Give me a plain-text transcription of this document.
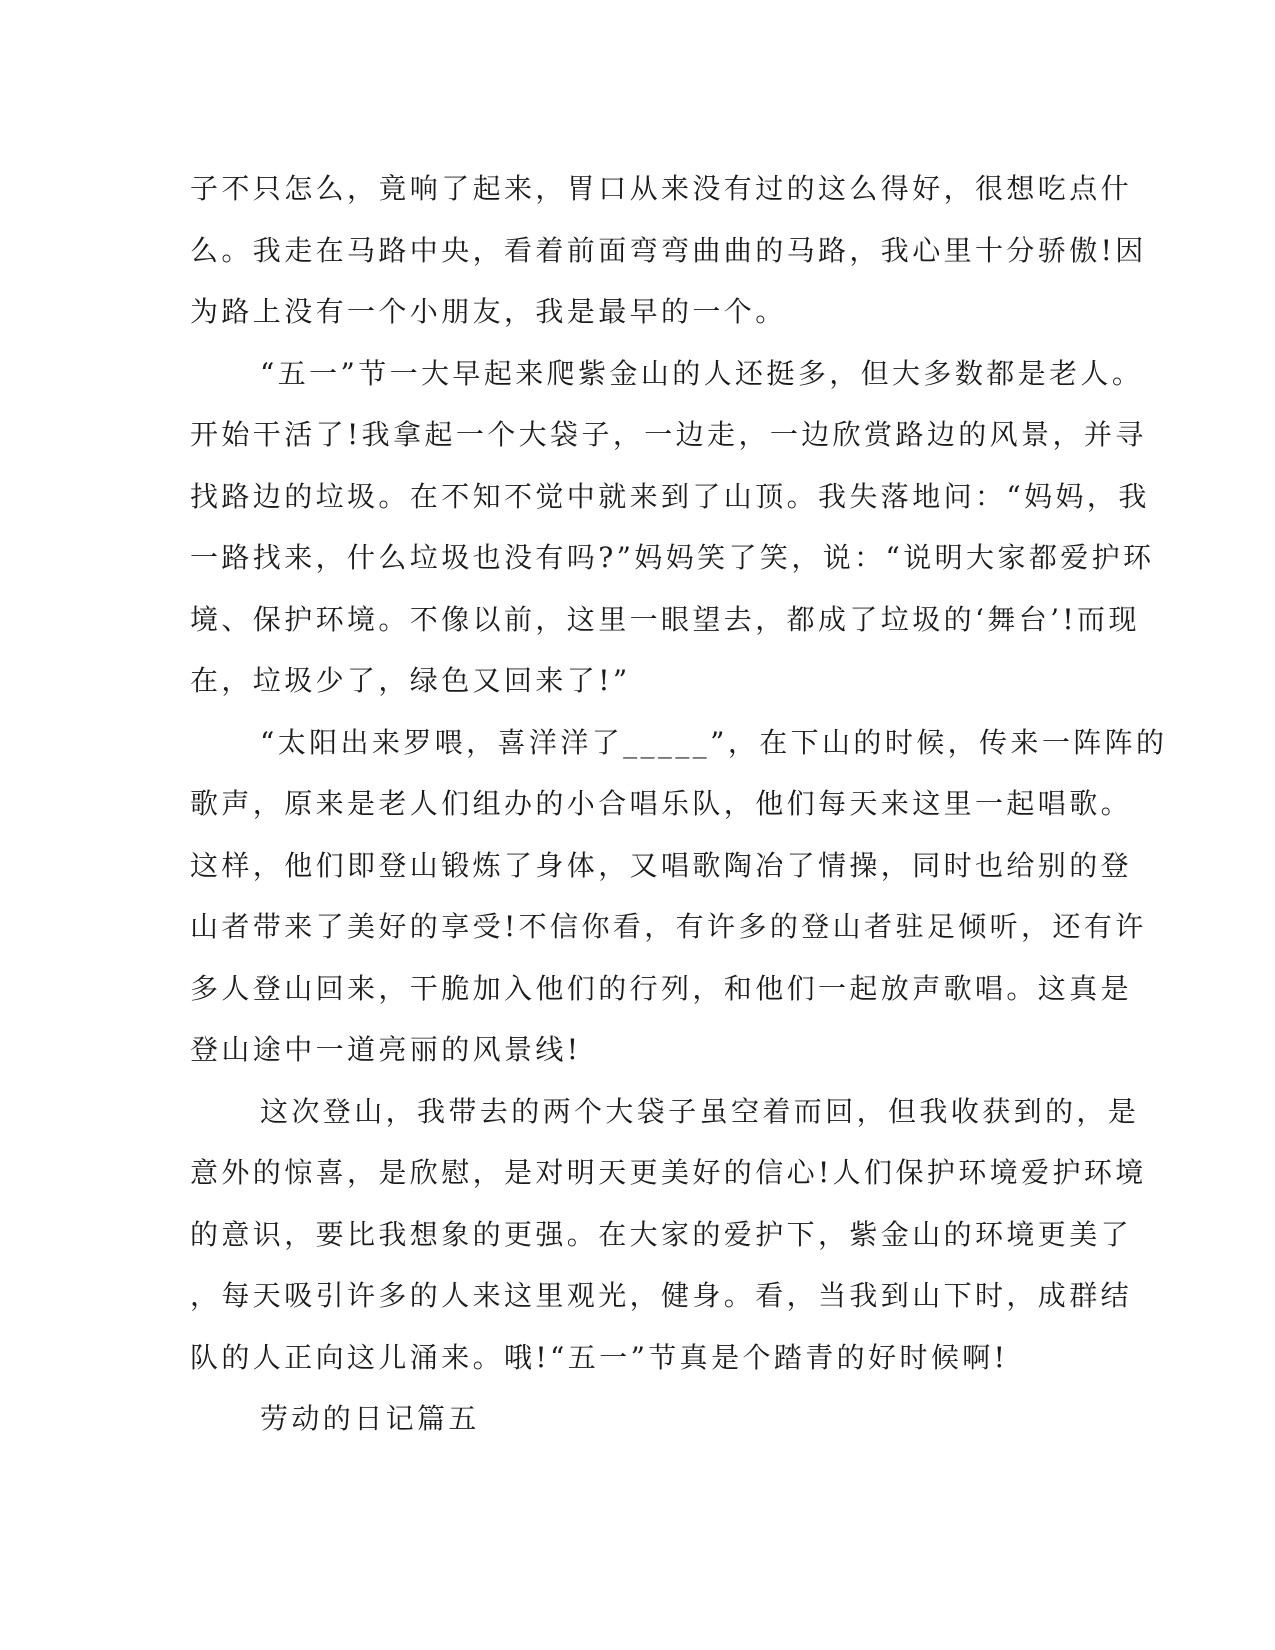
子不只怎么，竟响了起来，胃口从来没有过的这么得好，很想吃点什
么。我走在马路中央，看着前面弯弯曲曲的马路，我心里十分骄傲!因
为路上没有一个小朋友，我是最早的一个。

“五一”节一大早起来爬紫金山的人还挺多，但大多数都是老人。
开始干活了!我拿起一个大袋子，一边走，一边欣赏路边的风景，并寻
找路边的垃圾。在不知不觉中就来到了山顶。我失落地问：“妈妈，我
一路找来，什么垃圾也没有吗?”妈妈笑了笑，说：“说明大家都爱护环
境、保护环境。不像以前，这里一眼望去，都成了垃圾的‘舞台’!而现
在，垃圾少了，绿色又回来了!”

“太阳出来罗喂，喜洋洋了_____”，在下山的时候，传来一阵阵的
歌声，原来是老人们组办的小合唱乐队，他们每天来这里一起唱歌。
这样，他们即登山锻炼了身体，又唱歌陶冶了情操，同时也给别的登
山者带来了美好的享受!不信你看，有许多的登山者驻足倾听，还有许
多人登山回来，干脆加入他们的行列，和他们一起放声歌唱。这真是
登山途中一道亮丽的风景线!

这次登山，我带去的两个大袋子虽空着而回，但我收获到的，是
意外的惊喜，是欣慰，是对明天更美好的信心!人们保护环境爱护环境
的意识，要比我想象的更强。在大家的爱护下，紫金山的环境更美了
，每天吸引许多的人来这里观光，健身。看，当我到山下时，成群结
队的人正向这儿涌来。哦!“五一”节真是个踏青的好时候啊!

劳动的日记篇五
